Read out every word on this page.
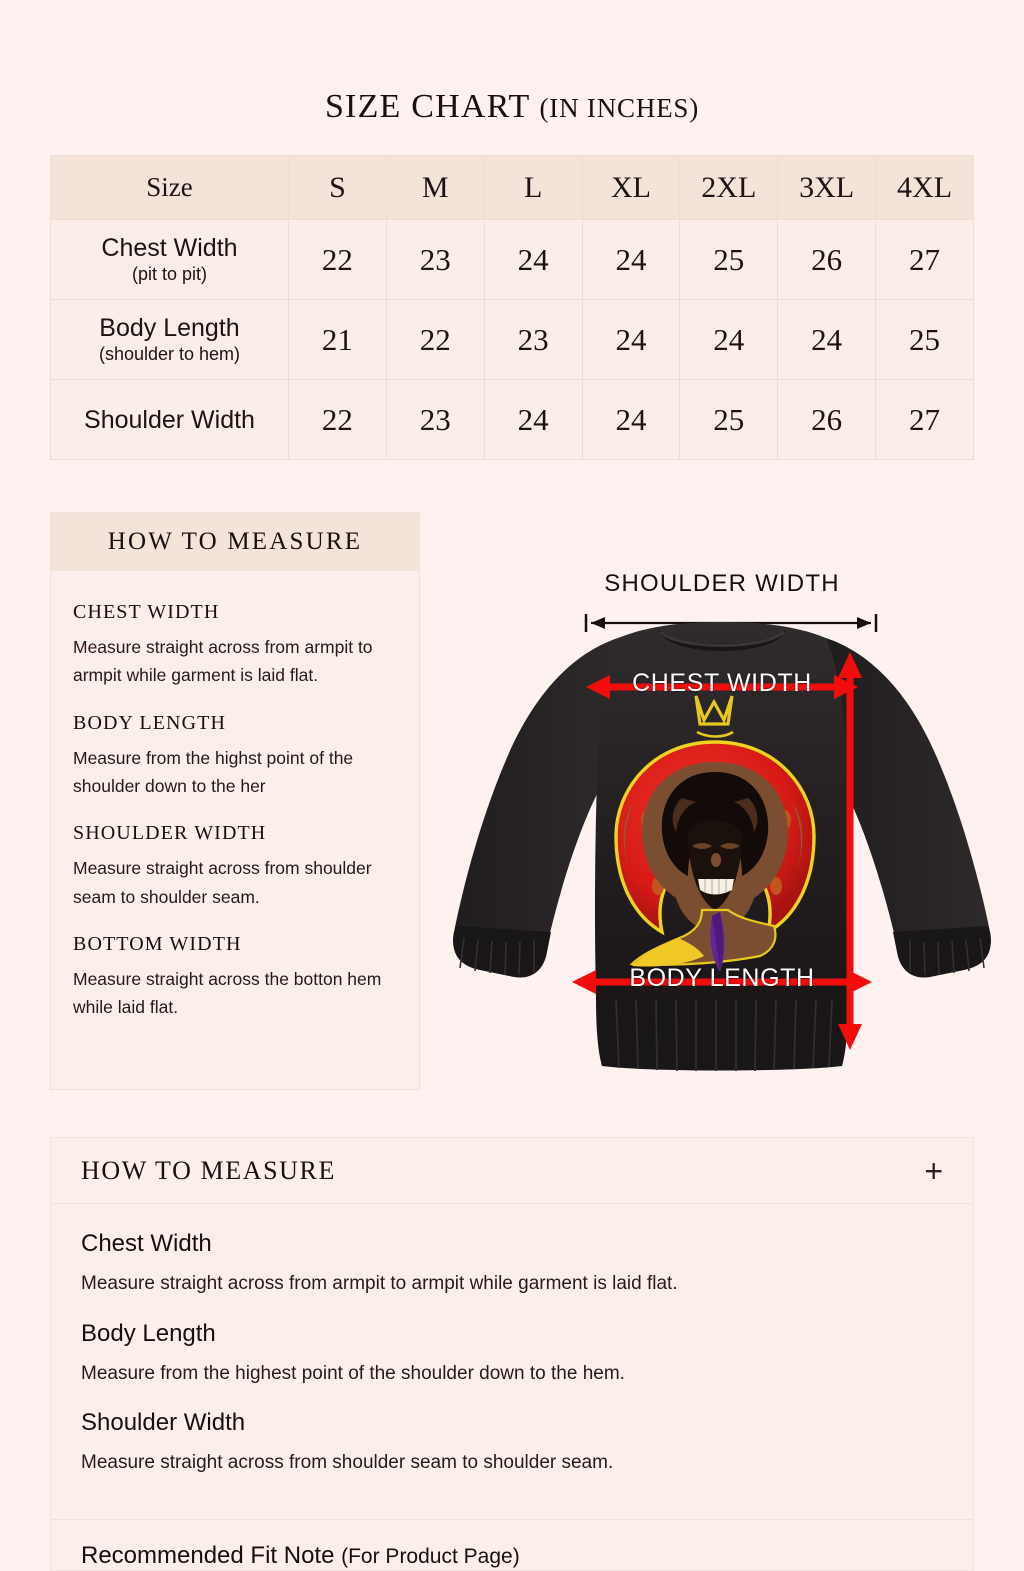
SIZE CHART (IN INCHES)
Size	S	M	L	XL	2XL	3XL	4XL
Chest Width
(pit to pit)	22	23	24	24	25	26	27
Body Length
(shoulder to hem)	21	22	23	24	24	24	25
Shoulder Width	22	23	24	24	25	26	27
HOW TO MEASURE
CHEST WIDTH
Measure straight across from armpit to armpit while garment is laid flat.
BODY LENGTH
Measure from the highst point of the shoulder down to the her
SHOULDER WIDTH
Measure straight across from shoulder seam to shoulder seam.
BOTTOM WIDTH
Measure straight across the botton hem while laid flat.
SHOULDER WIDTH
CHEST WIDTH
BODY LENGTH
HOW TO MEASURE	+
Chest Width
Measure straight across from armpit to armpit while garment is laid flat.
Body Length
Measure from the highest point of the shoulder down to the hem.
Shoulder Width
Measure straight across from shoulder seam to shoulder seam.
Recommended Fit Note (For Product Page)
